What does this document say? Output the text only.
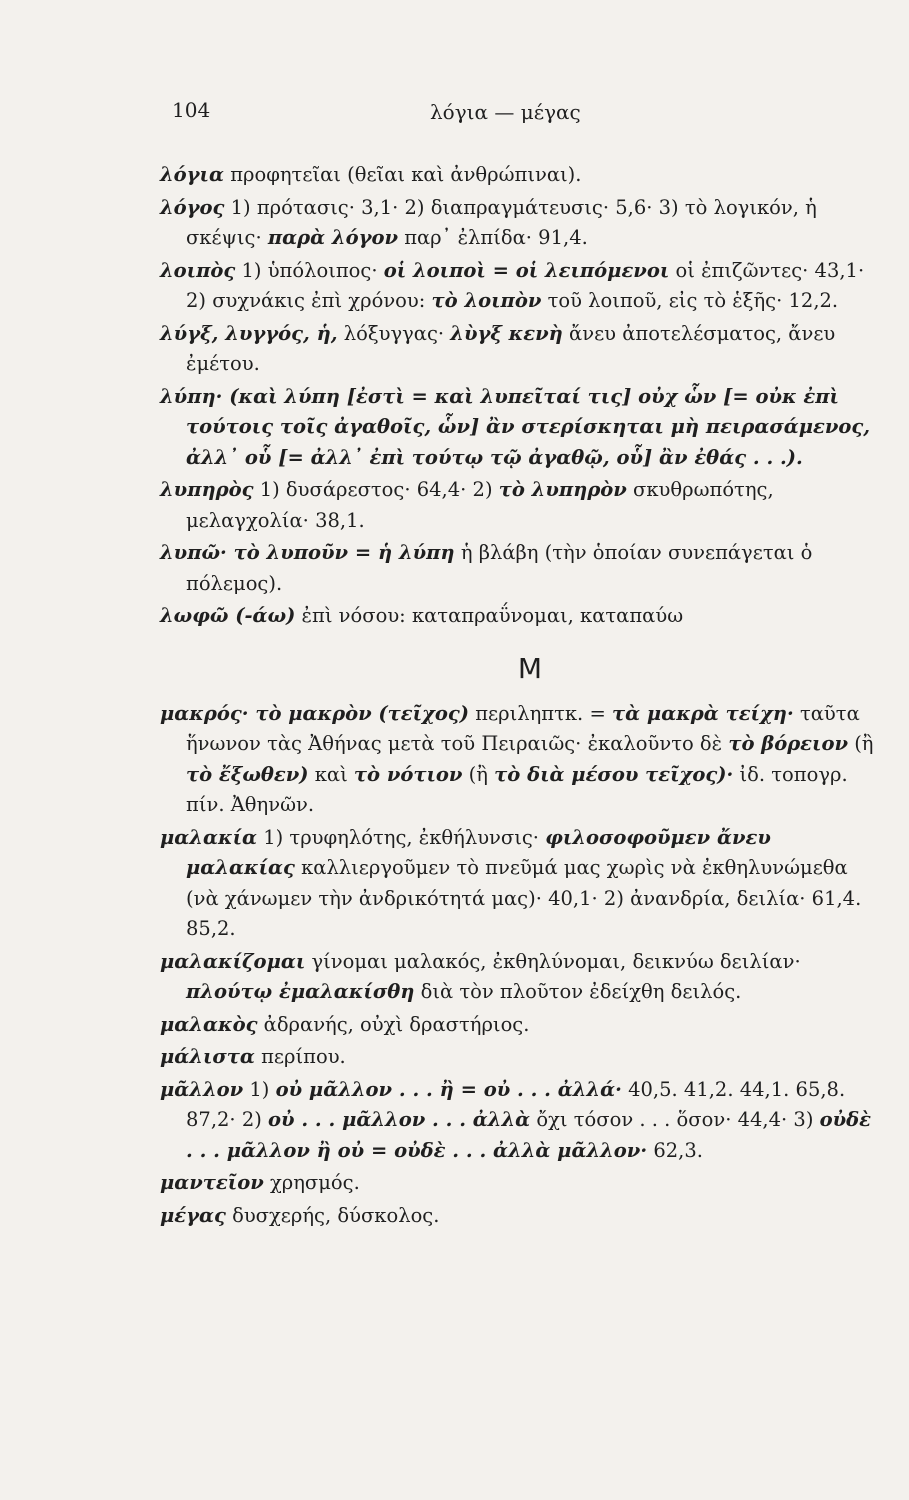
104	λόγια — μέγας

λόγια προφητεῖαι (θεῖαι καὶ ἀνθρώπιναι).

λόγος 1) πρότασις· 3,1· 2) διαπραγμάτευσις· 5,6· 3) τὸ λογικόν, ἡ σκέψις· παρὰ λόγον παρ᾽ ἐλπίδα· 91,4.

λοιπὸς 1) ὑπόλοιπος· οἱ λοιποὶ = οἱ λειπόμενοι οἱ ἐπιζῶντες· 43,1· 2) συχνάκις ἐπὶ χρόνου: τὸ λοιπὸν τοῦ λοιποῦ, εἰς τὸ ἑξῆς· 12,2.

λύγξ, λυγγός, ἡ, λόξυγγας· λὺγξ κενὴ ἄνευ ἀποτελέσματος, ἄνευ ἐμέτου.

λύπη· (καὶ λύπη [ἐστὶ = καὶ λυπεῖταί τις] οὐχ ὧν [= οὐκ ἐπὶ τούτοις τοῖς ἀγαθοῖς, ὧν] ἂν στερίσκηται μὴ πειρασάμενος, ἀλλ᾽ οὗ [= ἀλλ᾽ ἐπὶ τούτῳ τῷ ἀγαθῷ, οὗ] ἂν ἐθάς . . .).

λυπηρὸς 1) δυσάρεστος· 64,4· 2) τὸ λυπηρὸν σκυθρωπότης, μελαγχολία· 38,1.

λυπῶ· τὸ λυποῦν = ἡ λύπη ἡ βλάβη (τὴν ὁποίαν συνεπάγεται ὁ πόλεμος).

λωφῶ (-άω) ἐπὶ νόσου: καταπραΰνομαι, καταπαύω

Μ

μακρός· τὸ μακρὸν (τεῖχος) περιληπτκ. = τὰ μακρὰ τείχη· ταῦτα ἥνωνον τὰς Ἀθήνας μετὰ τοῦ Πειραιῶς· ἐκαλοῦντο δὲ τὸ βόρειον (ἢ τὸ ἔξωθεν) καὶ τὸ νότιον (ἢ τὸ διὰ μέσου τεῖχος)· ἰδ. τοπογρ. πίν. Ἀθηνῶν.

μαλακία 1) τρυφηλότης, ἐκθήλυνσις· φιλοσοφοῦμεν ἄνευ μαλακίας καλλιεργοῦμεν τὸ πνεῦμά μας χωρὶς νὰ ἐκθηλυνώμεθα (νὰ χάνωμεν τὴν ἀνδρικότητά μας)· 40,1· 2) ἀνανδρία, δειλία· 61,4. 85,2.

μαλακίζομαι γίνομαι μαλακός, ἐκθηλύνομαι, δεικνύω δειλίαν· πλούτῳ ἐμαλακίσθη διὰ τὸν πλοῦτον ἐδείχθη δειλός.

μαλακὸς ἀδρανής, οὐχὶ δραστήριος.

μάλιστα περίπου.

μᾶλλον 1) οὐ μᾶλλον . . . ἢ = οὐ . . . ἀλλά· 40,5. 41,2. 44,1. 65,8. 87,2· 2) οὐ . . . μᾶλλον . . . ἀλλὰ ὄχι τόσον . . . ὅσον· 44,4· 3) οὐδὲ . . . μᾶλλον ἢ οὐ = οὐδὲ . . . ἀλλὰ μᾶλλον· 62,3.

μαντεῖον χρησμός.

μέγας δυσχερής, δύσκολος.
